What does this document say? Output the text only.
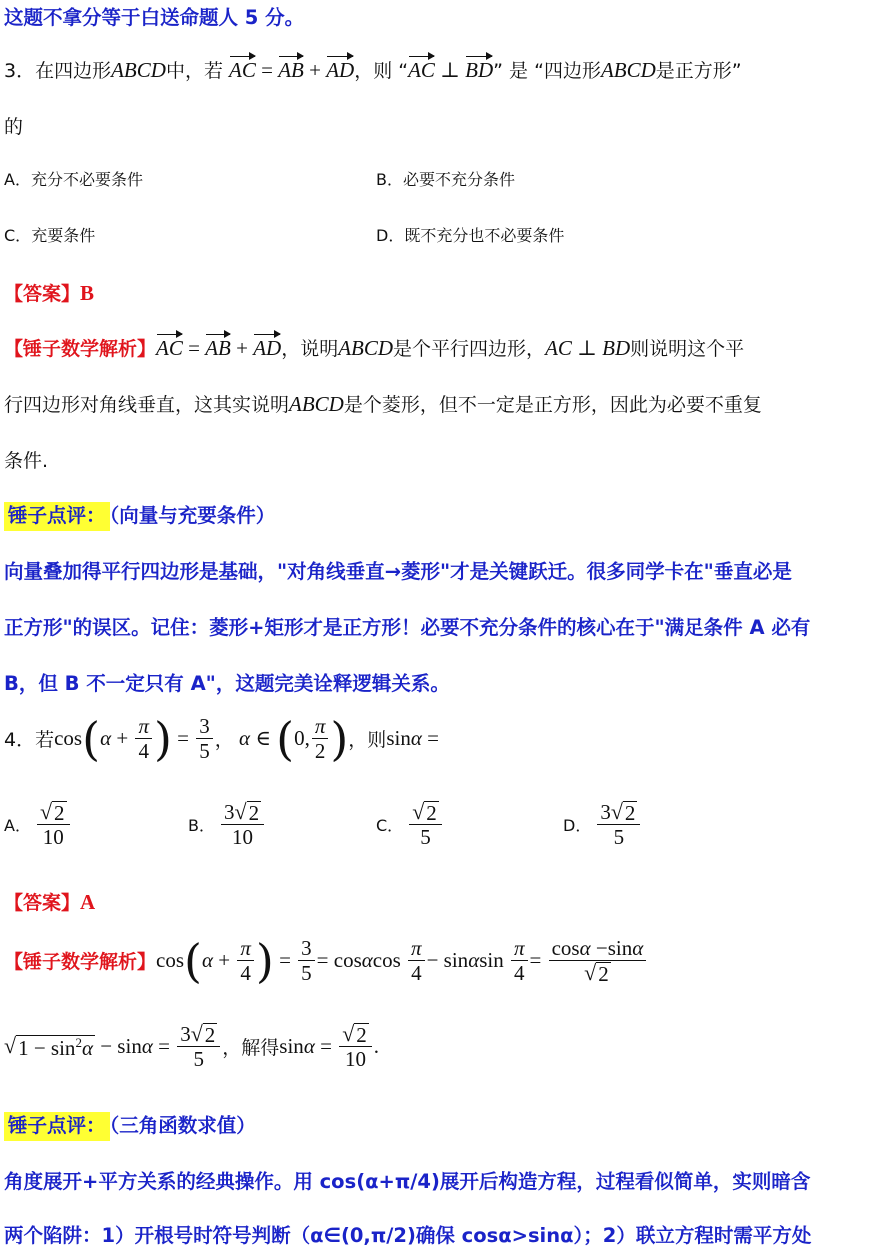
这题不拿分等于白送命题人 5 分。
3．在四边形ABCD中，若 AC = AB + AD，则 “AC ⊥ BD” 是 “四边形ABCD是正方形”
的
A．充分不必要条件	B．必要不充分条件
C．充要条件	D．既不充分也不必要条件
【答案】B
【锤子数学解析】AC = AB + AD，说明ABCD是个平行四边形，AC ⊥ BD则说明这个平
行四边形对角线垂直，这其实说明ABCD是个菱形，但不一定是正方形，因此为必要不重复
条件.
锤子点评： （向量与充要条件）
向量叠加得平行四边形是基础，"对角线垂直→菱形"才是关键跃迁。很多同学卡在"垂直必是
正方形"的误区。记住：菱形+矩形才是正方形！必要不充分条件的核心在于"满足条件 A 必有
B，但 B 不一定只有 A"，这题完美诠释逻辑关系。
4． 若 cos ( $\alpha + \frac{\pi}{4}$ ) = $\frac{3}{5}$ ， α ∈ ( 0, $\frac{\pi}{2}$ ) ，则 sin α =
A． $\frac{√ 2}{10}$	B． $\frac{3 √ 2}{10}$	C． $\frac{√ 2}{5}$	D． $\frac{3 √ 2}{5}$
【答案】A
【锤子数学解析】 cos ( $\alpha + \frac{\pi}{4}$ ) = $\frac{3}{5} = \cos \alpha$ $\cos \frac{\pi}{4} - \sin \alpha$ $\sin \frac{\pi}{4} = \frac{\cos\alpha -\sin\alpha}{√ 2}$
√ $1 - \sin^2\alpha - \sin \alpha = \frac{3 √ 2}{5}$ ，解得 $\sin \alpha = \frac{√ 2}{10}$ .
锤子点评： （三角函数求值）
角度展开+平方关系的经典操作。用 cos(α+π/4)展开后构造方程，过程看似简单，实则暗含
两个陷阱：1）开根号时符号判断（α∈(0,π/2)确保 cosα>sinα）；2）联立方程时需平方处
